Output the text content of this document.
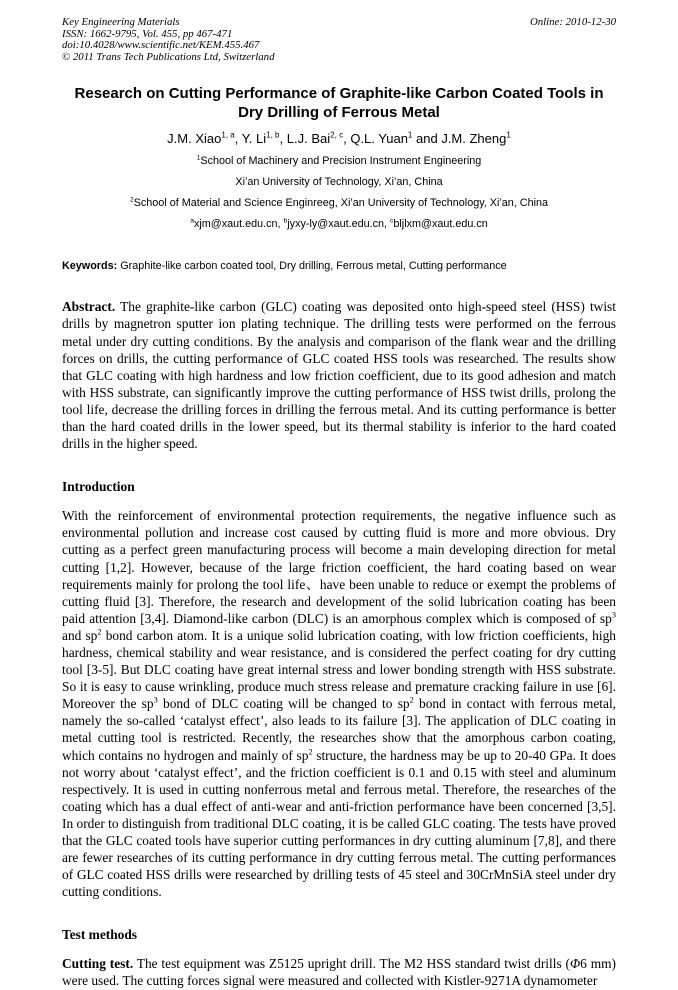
Key Engineering Materials
ISSN: 1662-9795, Vol. 455, pp 467-471
doi:10.4028/www.scientific.net/KEM.455.467
© 2011 Trans Tech Publications Ltd, Switzerland
Online: 2010-12-30
Research on Cutting Performance of Graphite-like Carbon Coated Tools in Dry Drilling of Ferrous Metal
J.M. Xiao$^{1, a}$, Y. Li$^{1, b}$, L.J. Bai$^{2, c}$, Q.L. Yuan$^1$ and J.M. Zheng$^1$
$^1$School of Machinery and Precision Instrument Engineering
Xi’an University of Technology, Xi’an, China
$^2$School of Material and Science Enginreeg, Xi’an University of Technology, Xi’an, China
$^a$xjm@xaut.edu.cn, $^b$jyxy-ly@xaut.edu.cn, $^c$bljlxm@xaut.edu.cn
Keywords: Graphite-like carbon coated tool, Dry drilling, Ferrous metal, Cutting performance

Abstract. The graphite-like carbon (GLC) coating was deposited onto high-speed steel (HSS) twist drills by magnetron sputter ion plating technique. The drilling tests were performed on the ferrous metal under dry cutting conditions. By the analysis and comparison of the flank wear and the drilling forces on drills, the cutting performance of GLC coated HSS tools was researched. The results show that GLC coating with high hardness and low friction coefficient, due to its good adhesion and match with HSS substrate, can significantly improve the cutting performance of HSS twist drills, prolong the tool life, decrease the drilling forces in drilling the ferrous metal. And its cutting performance is better than the hard coated drills in the lower speed, but its thermal stability is inferior to the hard coated drills in the higher speed.

Introduction

With the reinforcement of environmental protection requirements, the negative influence such as environmental pollution and increase cost caused by cutting fluid is more and more obvious. Dry cutting as a perfect green manufacturing process will become a main developing direction for metal cutting [1,2]. However, because of the large friction coefficient, the hard coating based on wear requirements mainly for prolong the tool life、have been unable to reduce or exempt the problems of cutting fluid [3]. Therefore, the research and development of the solid lubrication coating has been paid attention [3,4]. Diamond-like carbon (DLC) is an amorphous complex which is composed of $sp^3$ and $sp^2$ bond carbon atom. It is a unique solid lubrication coating, with low friction coefficients, high hardness, chemical stability and wear resistance, and is considered the perfect coating for dry cutting tool [3-5]. But DLC coating have great internal stress and lower bonding strength with HSS substrate. So it is easy to cause wrinkling, produce much stress release and premature cracking failure in use [6]. Moreover the $sp^3$ bond of DLC coating will be changed to $sp^2$ bond in contact with ferrous metal, namely the so-called ‘catalyst effect’, also leads to its failure [3]. The application of DLC coating in metal cutting tool is restricted. Recently, the researches show that the amorphous carbon coating, which contains no hydrogen and mainly of $sp^2$ structure, the hardness may be up to 20-40 GPa. It does not worry about ‘catalyst effect’, and the friction coefficient is 0.1 and 0.15 with steel and aluminum respectively. It is used in cutting nonferrous metal and ferrous metal. Therefore, the researches of the coating which has a dual effect of anti-wear and anti-friction performance have been concerned [3,5]. In order to distinguish from traditional DLC coating, it is be called GLC coating. The tests have proved that the GLC coated tools have superior cutting performances in dry cutting aluminum [7,8], and there are fewer researches of its cutting performance in dry cutting ferrous metal. The cutting performances of GLC coated HSS drills were researched by drilling tests of 45 steel and 30CrMnSiA steel under dry cutting conditions.

Test methods

Cutting test. The test equipment was Z5125 upright drill. The M2 HSS standard twist drills (Φ6 mm) were used. The cutting forces signal were measured and collected with Kistler-9271A dynamometer
